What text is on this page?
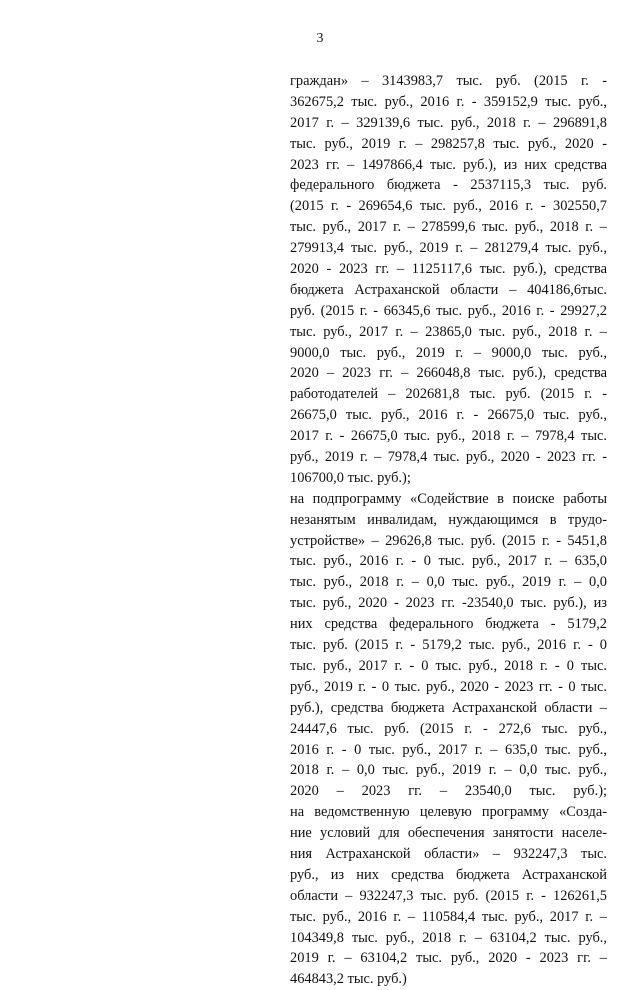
3
граждан» – 3143983,7 тыс. руб. (2015 г. -
362675,2 тыс. руб., 2016 г. - 359152,9 тыс. руб.,
2017 г. – 329139,6 тыс. руб., 2018 г. – 296891,8
тыс. руб., 2019 г. – 298257,8 тыс. руб., 2020 -
2023 гг. – 1497866,4 тыс. руб.), из них средства
федерального бюджета - 2537115,3 тыс. руб.
(2015 г. - 269654,6 тыс. руб., 2016 г. - 302550,7
тыс. руб., 2017 г. – 278599,6 тыс. руб., 2018 г. –
279913,4 тыс. руб., 2019 г. – 281279,4 тыс. руб.,
2020 - 2023 гг. – 1125117,6 тыс. руб.), средства
бюджета Астраханской области – 404186,6тыс.
руб. (2015 г. - 66345,6 тыс. руб., 2016 г. - 29927,2
тыс. руб., 2017 г. – 23865,0 тыс. руб., 2018 г. –
9000,0 тыс. руб., 2019 г. – 9000,0 тыс. руб.,
2020 – 2023 гг. – 266048,8 тыс. руб.), средства
работодателей – 202681,8 тыс. руб. (2015 г. -
26675,0 тыс. руб., 2016 г. - 26675,0 тыс. руб.,
2017 г. - 26675,0 тыс. руб., 2018 г. – 7978,4 тыс.
руб., 2019 г. – 7978,4 тыс. руб., 2020 - 2023 гг. -
106700,0 тыс. руб.);
на подпрограмму «Содействие в поиске работы
незанятым инвалидам, нуждающимся в трудо-
устройстве» – 29626,8 тыс. руб. (2015 г. - 5451,8
тыс. руб., 2016 г. - 0 тыс. руб., 2017 г. – 635,0
тыс. руб., 2018 г. – 0,0 тыс. руб., 2019 г. – 0,0
тыс. руб., 2020 - 2023 гг. -23540,0 тыс. руб.), из
них средства федерального бюджета - 5179,2
тыс. руб. (2015 г. - 5179,2 тыс. руб., 2016 г. - 0
тыс. руб., 2017 г. - 0 тыс. руб., 2018 г. - 0 тыс.
руб., 2019 г. - 0 тыс. руб., 2020 - 2023 гг. - 0 тыс.
руб.), средства бюджета Астраханской области –
24447,6 тыс. руб. (2015 г. - 272,6 тыс. руб.,
2016 г. - 0 тыс. руб., 2017 г. – 635,0 тыс. руб.,
2018 г. – 0,0 тыс. руб., 2019 г. – 0,0 тыс. руб.,
2020 – 2023 гг. – 23540,0 тыс. руб.);
на ведомственную целевую программу «Созда-
ние условий для обеспечения занятости населе-
ния Астраханской области» – 932247,3 тыс.
руб., из них средства бюджета Астраханской
области – 932247,3 тыс. руб. (2015 г. - 126261,5
тыс. руб., 2016 г. – 110584,4 тыс. руб., 2017 г. –
104349,8 тыс. руб., 2018 г. – 63104,2 тыс. руб.,
2019 г. – 63104,2 тыс. руб., 2020 - 2023 гг. –
464843,2 тыс. руб.)
